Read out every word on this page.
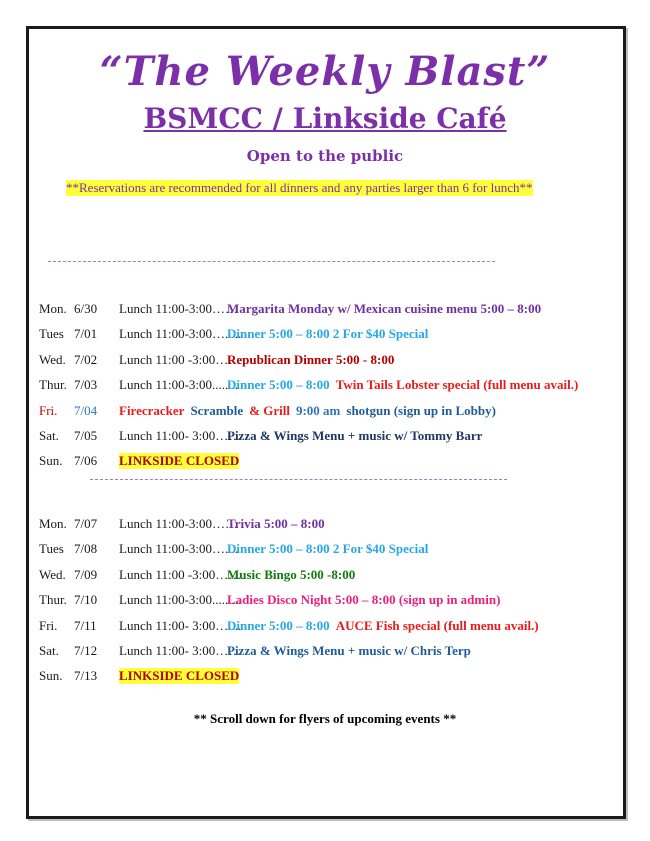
“The Weekly Blast”
BSMCC / Linkside Café
Open to the public
**Reservations are recommended for all dinners and any parties larger than 6 for lunch**
Mon. 6/30 Lunch 11:00-3:00……
Margarita Monday w/ Mexican cuisine menu 5:00 – 8:00
Tues 7/01 Lunch 11:00-3:00….....
Dinner 5:00 – 8:00 2 For $40 Special
Wed. 7/02 Lunch 11:00 -3:00……
Republican Dinner 5:00 - 8:00
Thur. 7/03 Lunch 11:00-3:00........
Dinner 5:00 – 8:00 Twin Tails Lobster special (full menu avail.)
Fri. 7/04 Firecracker Scramble & Grill 9:00 am shotgun (sign up in Lobby)
Sat. 7/05 Lunch 11:00- 3:00……
Pizza & Wings Menu + music w/ Tommy Barr
Sun. 7/06 LINKSIDE CLOSED
Mon. 7/07 Lunch 11:00-3:00……
Trivia 5:00 – 8:00
Tues 7/08 Lunch 11:00-3:00…....
Dinner 5:00 – 8:00 2 For $40 Special
Wed. 7/09 Lunch 11:00 -3:00……
Music Bingo 5:00 -8:00
Thur. 7/10 Lunch 11:00-3:00.........
Ladies Disco Night 5:00 – 8:00 (sign up in admin)
Fri. 7/11 Lunch 11:00- 3:00…....
Dinner 5:00 – 8:00 AUCE Fish special (full menu avail.)
Sat. 7/12 Lunch 11:00- 3:00……
Pizza & Wings Menu + music w/ Chris Terp
Sun. 7/13 LINKSIDE CLOSED
** Scroll down for flyers of upcoming events **
